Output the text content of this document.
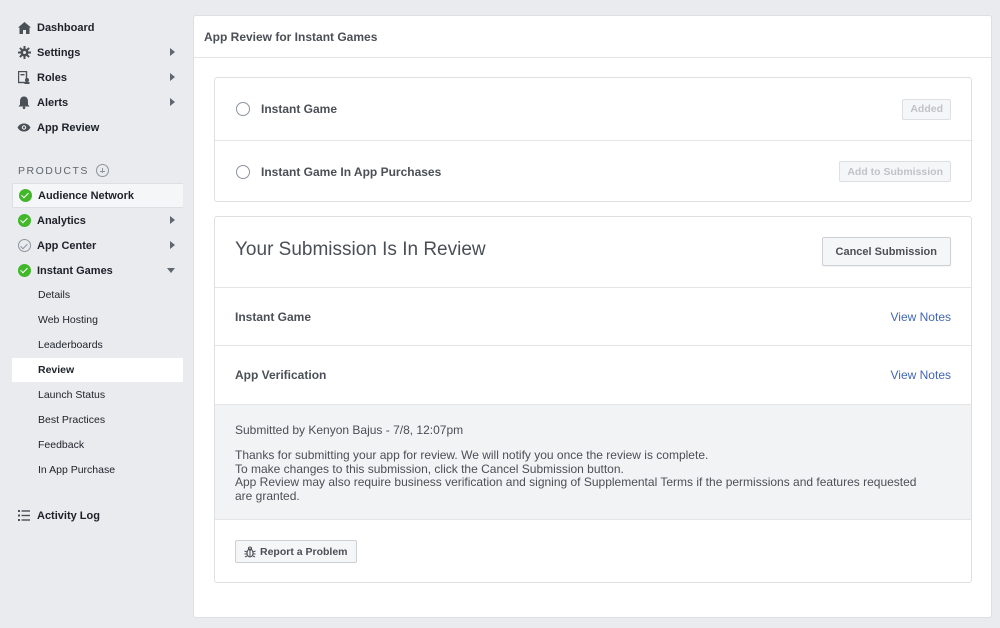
Dashboard
Settings
Roles
Alerts
App Review
PRODUCTS
Audience Network
Analytics
App Center
Instant Games
Details
Web Hosting
Leaderboards
Review
Launch Status
Best Practices
Feedback
In App Purchase
Activity Log
App Review for Instant Games
Instant Game	Added
Instant Game In App Purchases	Add to Submission
Your Submission Is In Review	Cancel Submission
Instant Game	View Notes
App Verification	View Notes
Submitted by Kenyon Bajus - 7/8, 12:07pm
Thanks for submitting your app for review. We will notify you once the review is complete.
To make changes to this submission, click the Cancel Submission button.
App Review may also require business verification and signing of Supplemental Terms if the permissions and features requested
are granted.
Report a Problem
